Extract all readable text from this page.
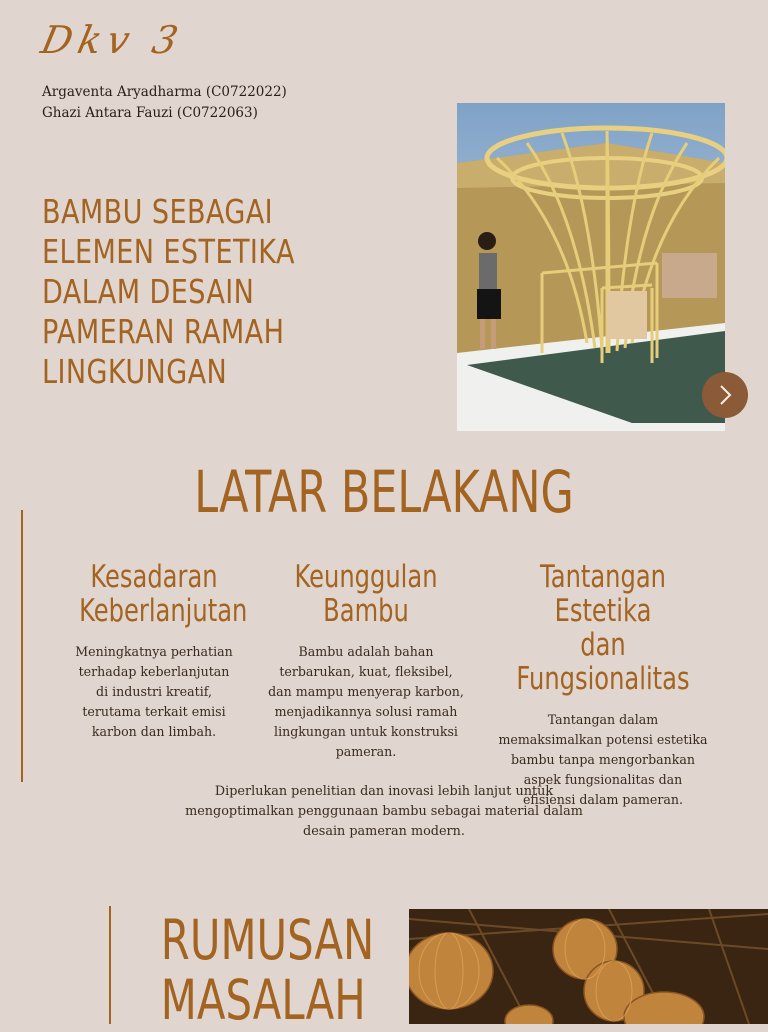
Dkv 3
Argaventa Aryadharma (C0722022)
Ghazi Antara Fauzi (C0722063)
BAMBU SEBAGAI ELEMEN ESTETIKA DALAM DESAIN PAMERAN RAMAH LINGKUNGAN
LATAR BELAKANG
Kesadaran
Keberlanjutan
Meningkatnya perhatian terhadap keberlanjutan di industri kreatif, terutama terkait emisi karbon dan limbah.
Keunggulan
Bambu
Bambu adalah bahan terbarukan, kuat, fleksibel, dan mampu menyerap karbon, menjadikannya solusi ramah lingkungan untuk konstruksi pameran.
Tantangan Estetika
dan Fungsionalitas
Tantangan dalam memaksimalkan potensi estetika bambu tanpa mengorbankan aspek fungsionalitas dan efisiensi dalam pameran.
Diperlukan penelitian dan inovasi lebih lanjut untuk mengoptimalkan penggunaan bambu sebagai material dalam desain pameran modern.
RUMUSAN
MASALAH
